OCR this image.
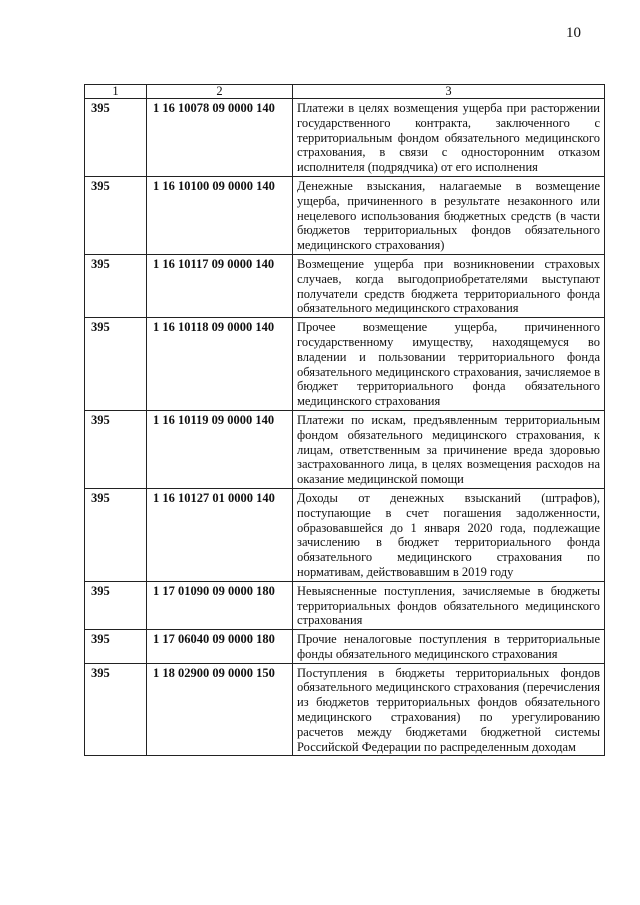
10
1	2	3
395	1 16 10078 09 0000 140	Платежи в целях возмещения ущерба при расторжении государственного контракта, заключенного с территориальным фондом обязательного медицинского страхования, в связи с односторонним отказом исполнителя (подрядчика) от его исполнения
395	1 16 10100 09 0000 140	Денежные взыскания, налагаемые в возмещение ущерба, причиненного в результате незаконного или нецелевого использования бюджетных средств (в части бюджетов территориальных фондов обязательного медицинского страхования)
395	1 16 10117 09 0000 140	Возмещение ущерба при возникновении страховых случаев, когда выгодоприобретателями выступают получатели средств бюджета территориального фонда обязательного медицинского страхования
395	1 16 10118 09 0000 140	Прочее возмещение ущерба, причиненного государственному имуществу, находящемуся во владении и пользовании территориального фонда обязательного медицинского страхования, зачисляемое в бюджет территориального фонда обязательного медицинского страхования
395	1 16 10119 09 0000 140	Платежи по искам, предъявленным территориальным фондом обязательного медицинского страхования, к лицам, ответственным за причинение вреда здоровью застрахованного лица, в целях возмещения расходов на оказание медицинской помощи
395	1 16 10127 01 0000 140	Доходы от денежных взысканий (штрафов), поступающие в счет погашения задолженности, образовавшейся до 1 января 2020 года, подлежащие зачислению в бюджет территориального фонда обязательного медицинского страхования по нормативам, действовавшим в 2019 году
395	1 17 01090 09 0000 180	Невыясненные поступления, зачисляемые в бюджеты территориальных фондов обязательного медицинского страхования
395	1 17 06040 09 0000 180	Прочие неналоговые поступления в территориальные фонды обязательного медицинского страхования
395	1 18 02900 09 0000 150	Поступления в бюджеты территориальных фондов обязательного медицинского страхования (перечисления из бюджетов территориальных фондов обязательного медицинского страхования) по урегулированию расчетов между бюджетами бюджетной системы Российской Федерации по распределенным доходам
